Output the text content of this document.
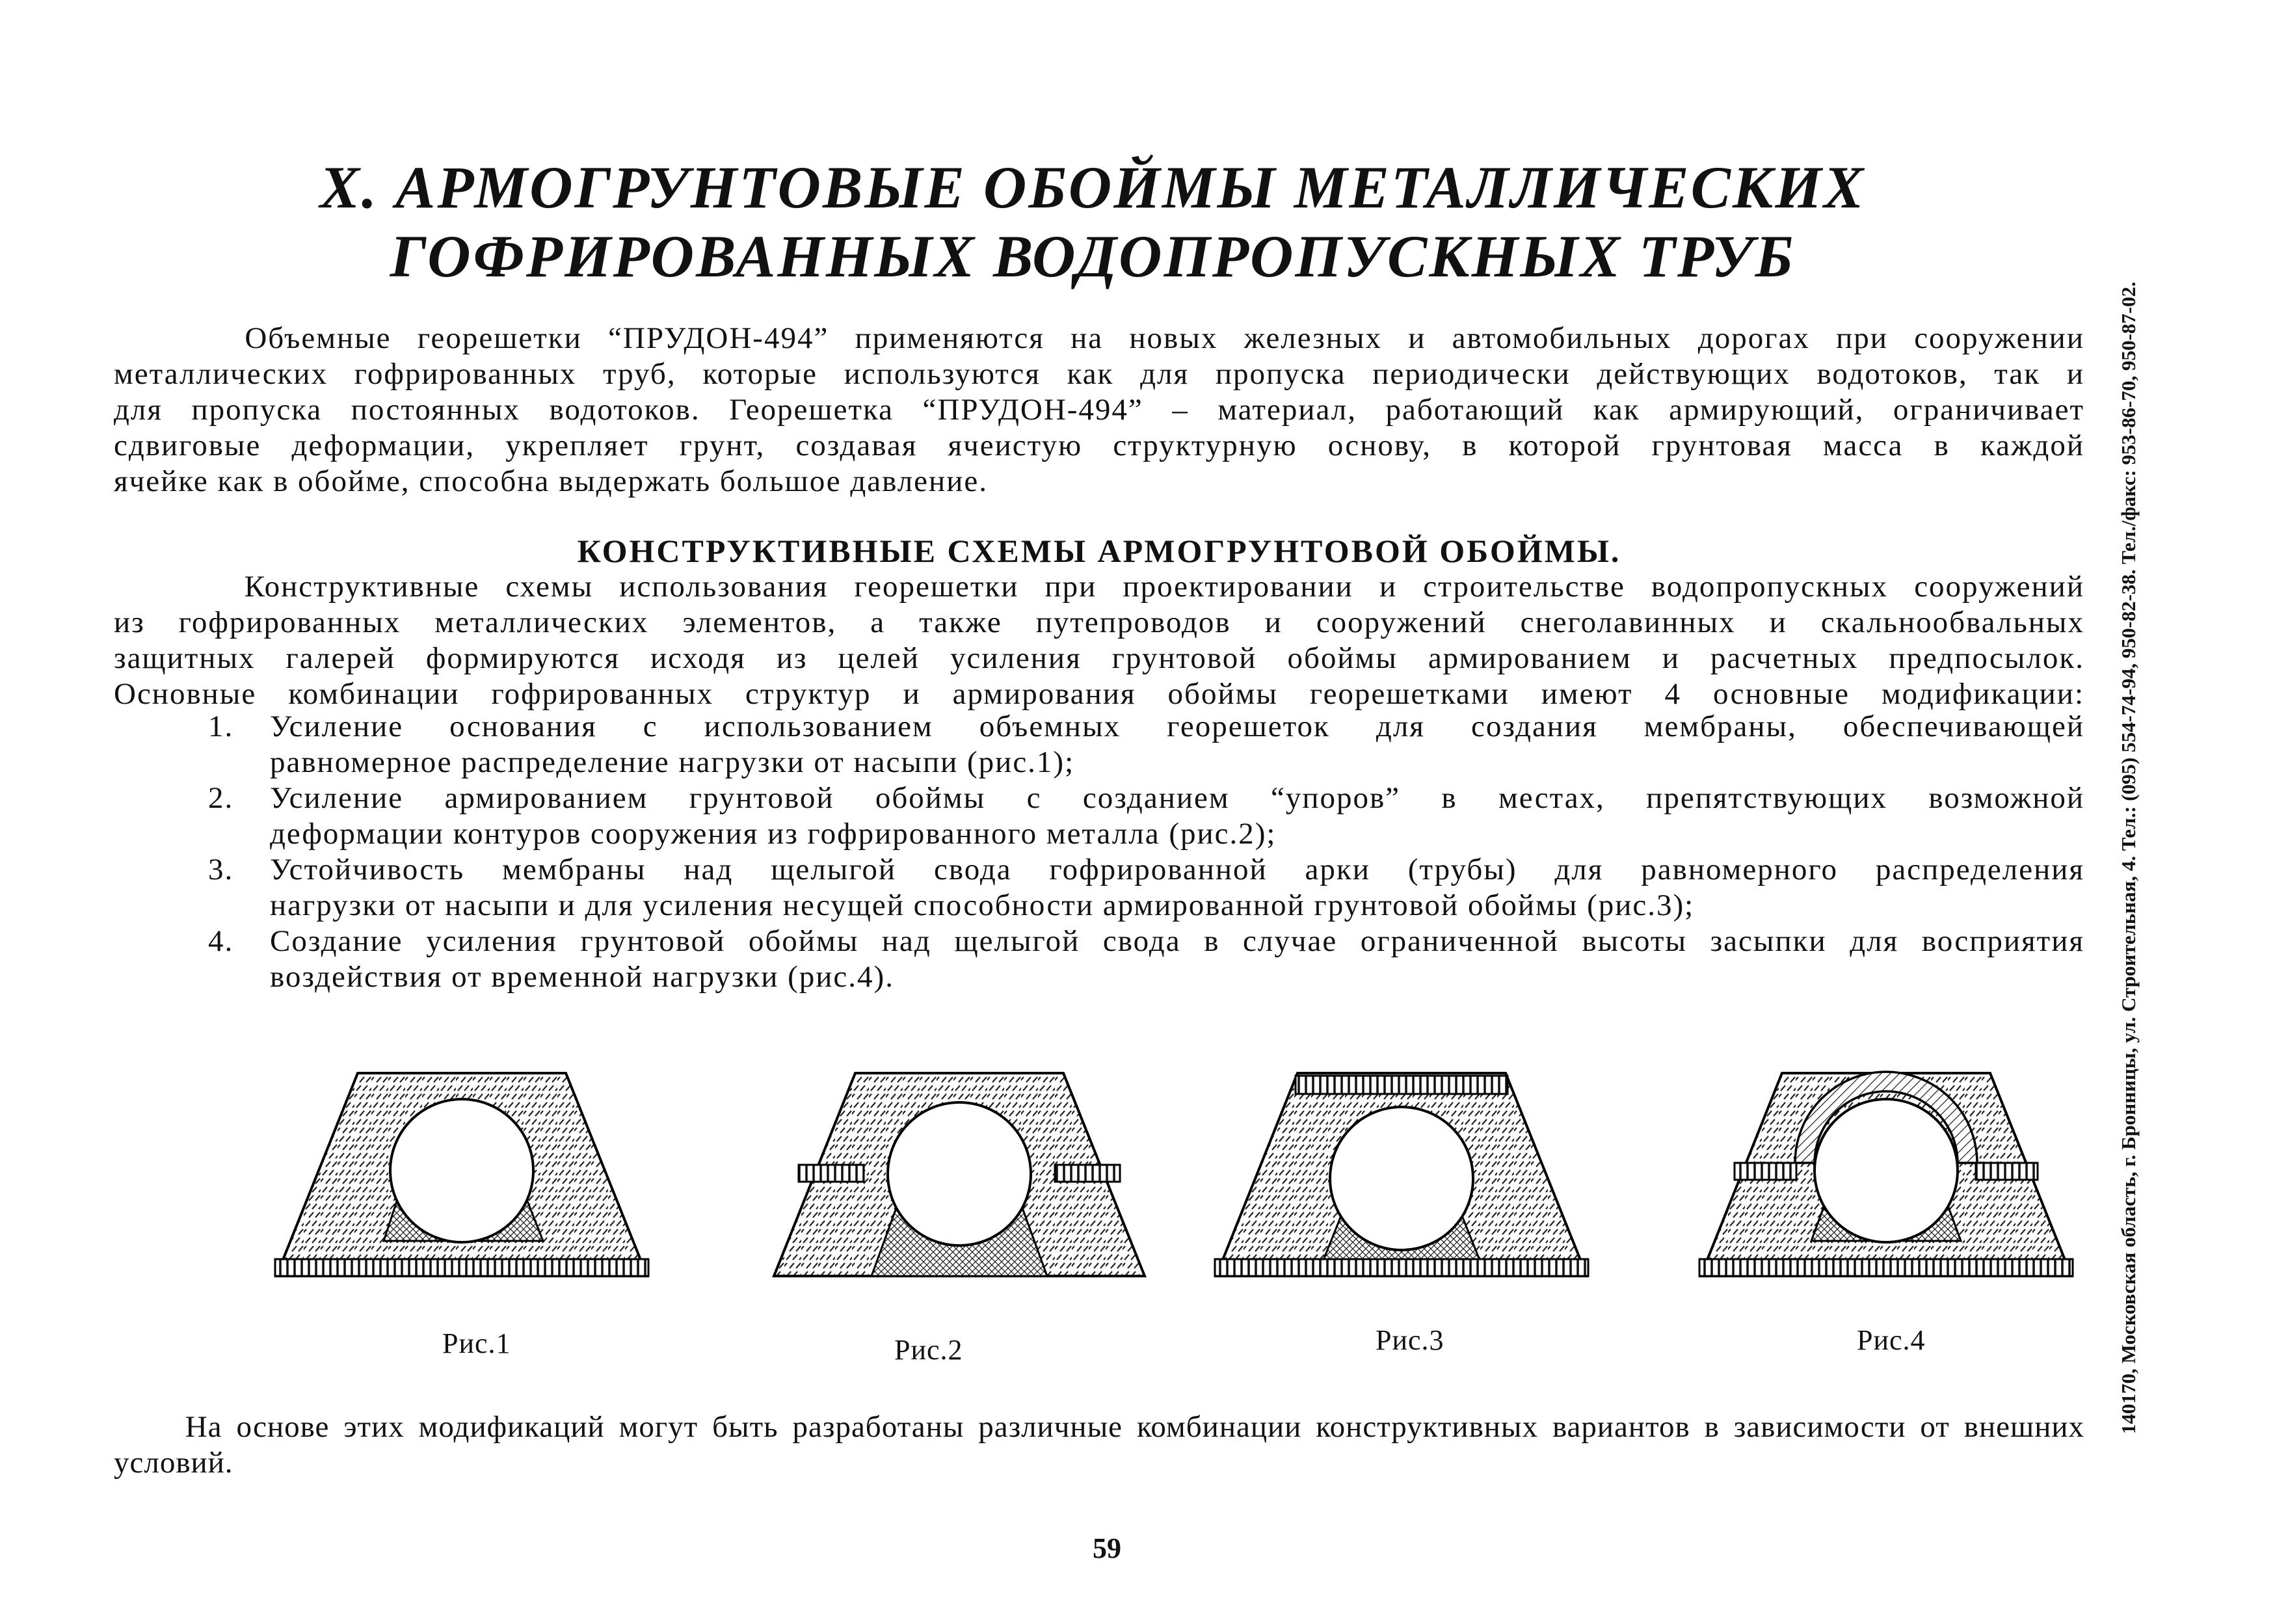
X. АРМОГРУНТОВЫЕ ОБОЙМЫ МЕТАЛЛИЧЕСКИХ
ГОФРИРОВАННЫХ ВОДОПРОПУСКНЫХ ТРУБ
Объемные георешетки “ПРУДОН-494” применяются на новых железных и автомобильных дорогах при сооружении
металлических гофрированных труб, которые используются как для пропуска периодически действующих водотоков, так и
для пропуска постоянных водотоков. Георешетка “ПРУДОН-494” – материал, работающий как армирующий, ограничивает
сдвиговые деформации, укрепляет грунт, создавая ячеистую структурную основу, в которой грунтовая масса в каждой
ячейке как в обойме, способна выдержать большое давление.
КОНСТРУКТИВНЫЕ СХЕМЫ АРМОГРУНТОВОЙ ОБОЙМЫ.
Конструктивные схемы использования георешетки при проектировании и строительстве водопропускных сооружений
из гофрированных металлических элементов, а также путепроводов и сооружений снеголавинных и скальнообвальных
защитных галерей формируются исходя из целей усиления грунтовой обоймы армированием и расчетных предпосылок.
Основные комбинации гофрированных структур и армирования обоймы георешетками имеют 4 основные модификации:
1. Усиление основания с использованием объемных георешеток для создания мембраны, обеспечивающей
равномерное распределение нагрузки от насыпи (рис.1);
2. Усиление армированием грунтовой обоймы с созданием “упоров” в местах, препятствующих возможной
деформации контуров сооружения из гофрированного металла (рис.2);
3. Устойчивость мембраны над щелыгой свода гофрированной арки (трубы) для равномерного распределения
нагрузки от насыпи и для усиления несущей способности армированной грунтовой обоймы (рис.3);
4. Создание усиления грунтовой обоймы над щелыгой свода в случае ограниченной высоты засыпки для восприятия
воздействия от временной нагрузки (рис.4).
Рис.1	Рис.2	Рис.3	Рис.4
На основе этих модификаций могут быть разработаны различные комбинации конструктивных вариантов в зависимости от внешних
условий.
59
140170, Московская область, г. Бронницы, ул. Строительная, 4. Тел.: (095) 554-74-94, 950-82-38. Тел./факс: 953-86-70, 950-87-02.
